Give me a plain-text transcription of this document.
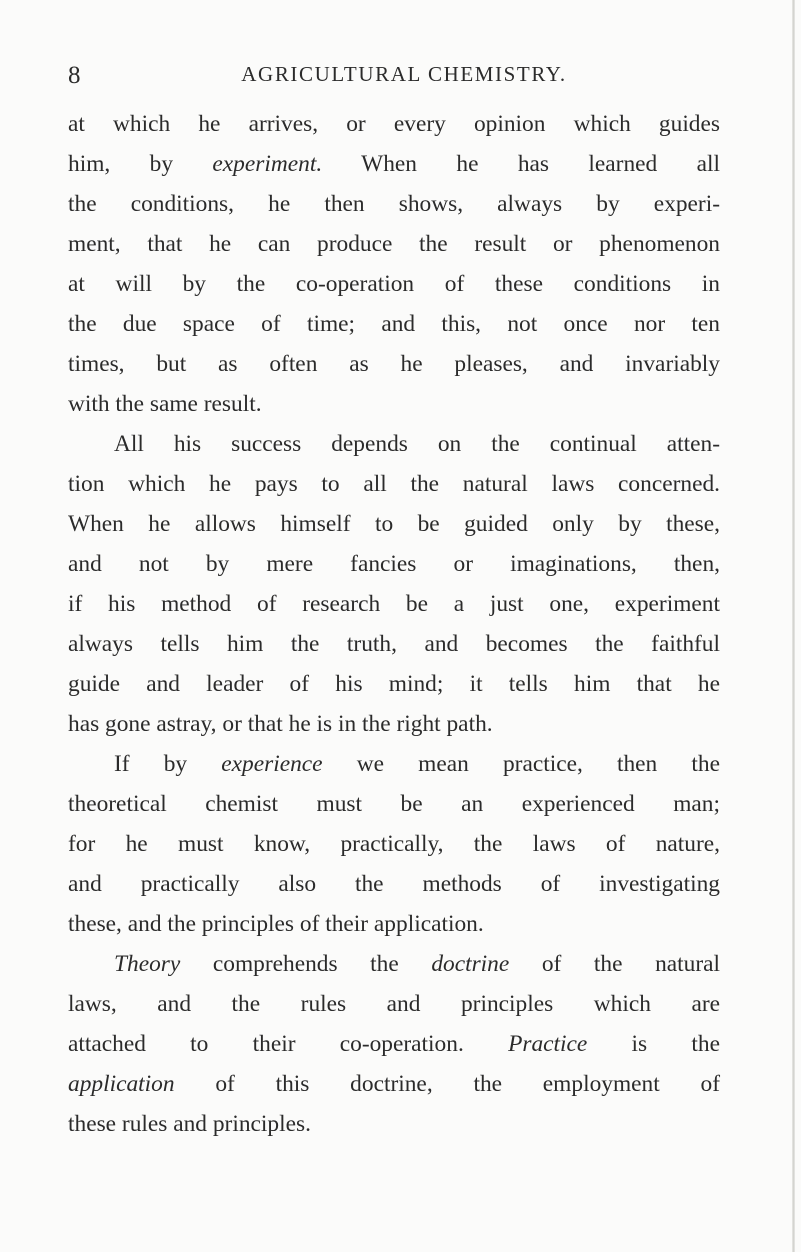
8	AGRICULTURAL CHEMISTRY.
at which he arrives, or every opinion which guides
him, by experiment. When he has learned all
the conditions, he then shows, always by experi-
ment, that he can produce the result or phenomenon
at will by the co-operation of these conditions in
the due space of time; and this, not once nor ten
times, but as often as he pleases, and invariably
with the same result.
All his success depends on the continual atten-
tion which he pays to all the natural laws concerned.
When he allows himself to be guided only by these,
and not by mere fancies or imaginations, then,
if his method of research be a just one, experiment
always tells him the truth, and becomes the faithful
guide and leader of his mind; it tells him that he
has gone astray, or that he is in the right path.
If by experience we mean practice, then the
theoretical chemist must be an experienced man;
for he must know, practically, the laws of nature,
and practically also the methods of investigating
these, and the principles of their application.
Theory comprehends the doctrine of the natural
laws, and the rules and principles which are
attached to their co-operation. Practice is the
application of this doctrine, the employment of
these rules and principles.
